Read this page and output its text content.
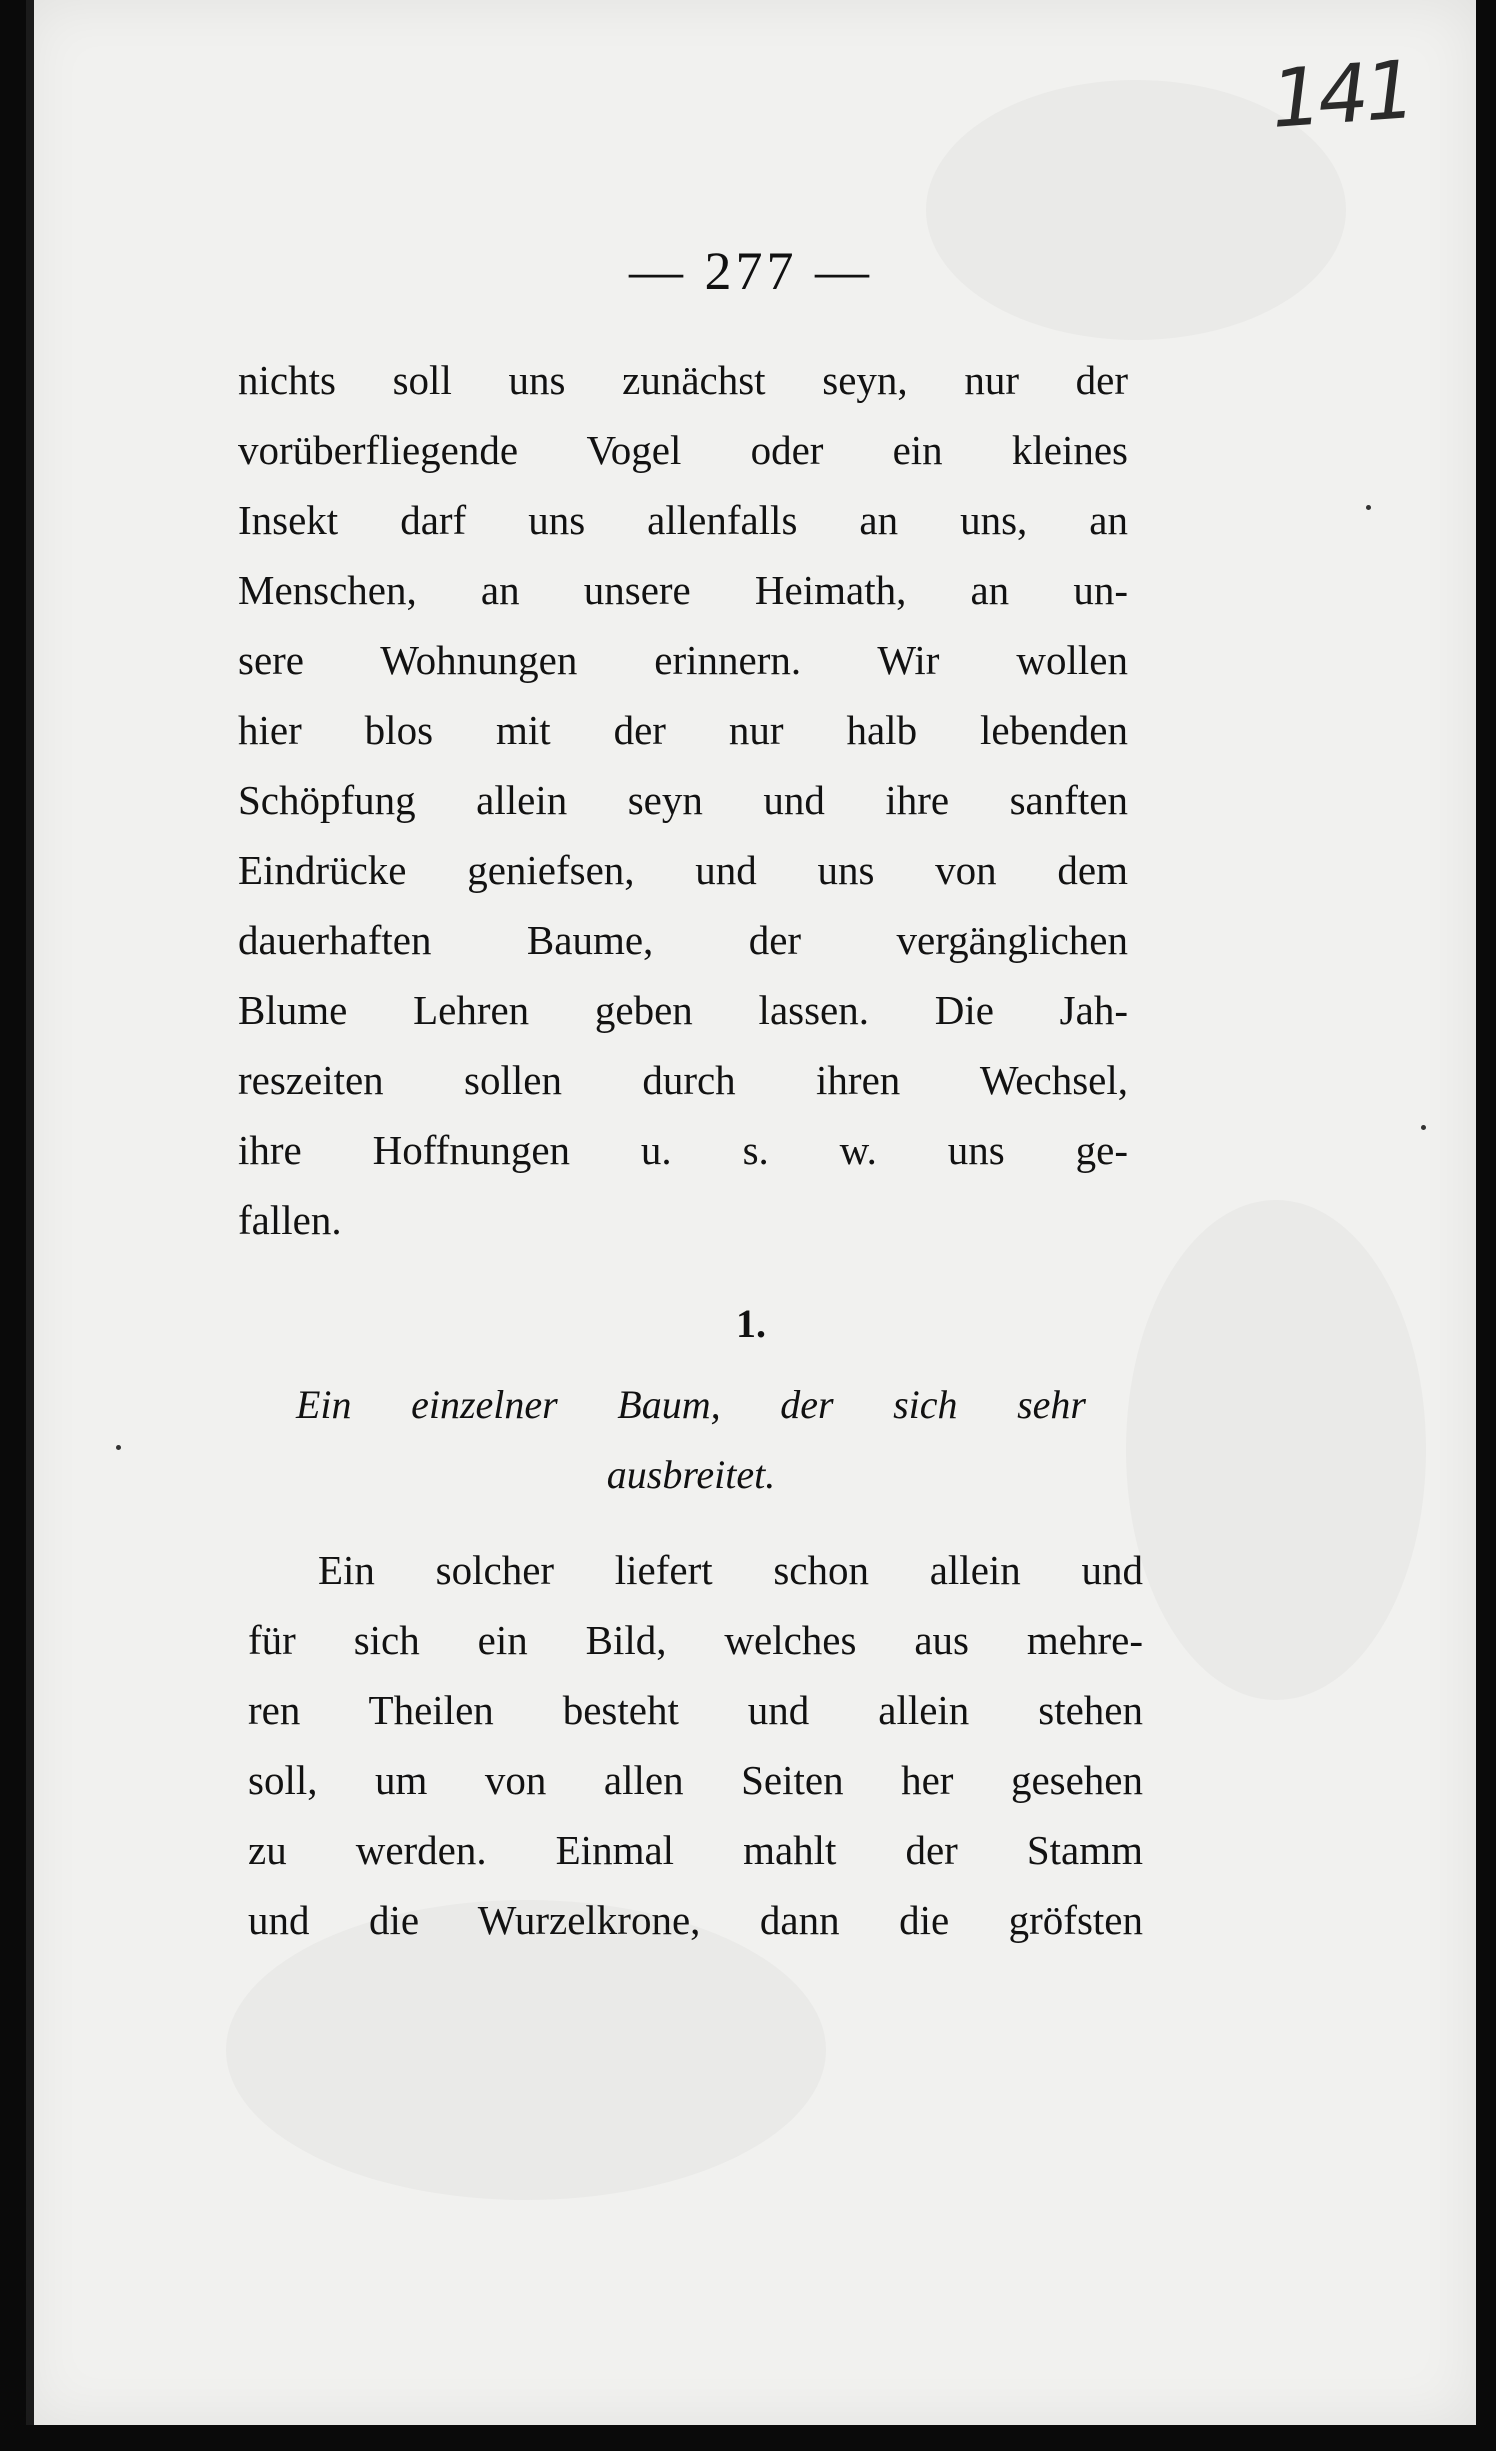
141
— 277 —
nichts soll uns zunächst seyn, nur der
vorüberfliegende Vogel oder ein kleines
Insekt darf uns allenfalls an uns, an
Menschen, an unsere Heimath, an un-
sere Wohnungen erinnern. Wir wollen
hier blos mit der nur halb lebenden
Schöpfung allein seyn und ihre sanften
Eindrücke geniefsen, und uns von dem
dauerhaften Baume, der vergänglichen
Blume Lehren geben lassen. Die Jah-
reszeiten sollen durch ihren Wechsel,
ihre Hoffnungen u. s. w. uns ge-
fallen.
1.
Ein einzelner Baum, der sich sehr
ausbreitet.
Ein solcher liefert schon allein und
für sich ein Bild, welches aus mehre-
ren Theilen besteht und allein stehen
soll, um von allen Seiten her gesehen
zu werden. Einmal mahlt der Stamm
und die Wurzelkrone, dann die gröfsten
